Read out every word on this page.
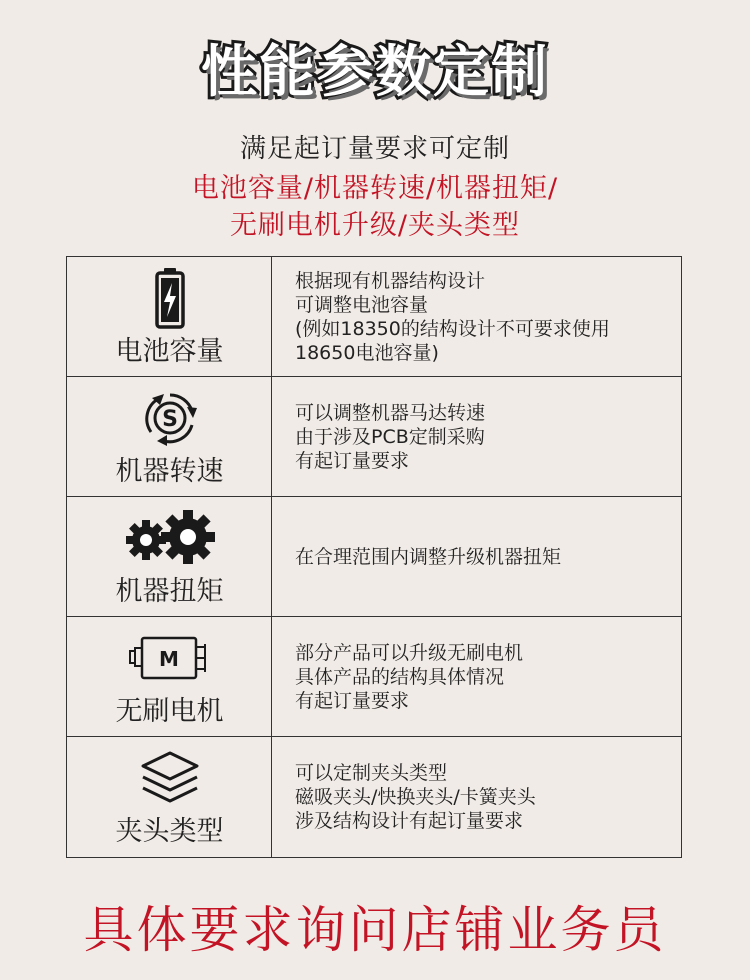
性能参数定制
满足起订量要求可定制
电池容量/机器转速/机器扭矩/
无刷电机升级/夹头类型
电池容量
根据现有机器结构设计
可调整电池容量
(例如18350的结构设计不可要求使用
18650电池容量)
S
机器转速
可以调整机器马达转速
由于涉及PCB定制采购
有起订量要求
机器扭矩
在合理范围内调整升级机器扭矩
M
无刷电机
部分产品可以升级无刷电机
具体产品的结构具体情况
有起订量要求
夹头类型
可以定制夹头类型
磁吸夹头/快换夹头/卡簧夹头
涉及结构设计有起订量要求
具体要求询问店铺业务员
